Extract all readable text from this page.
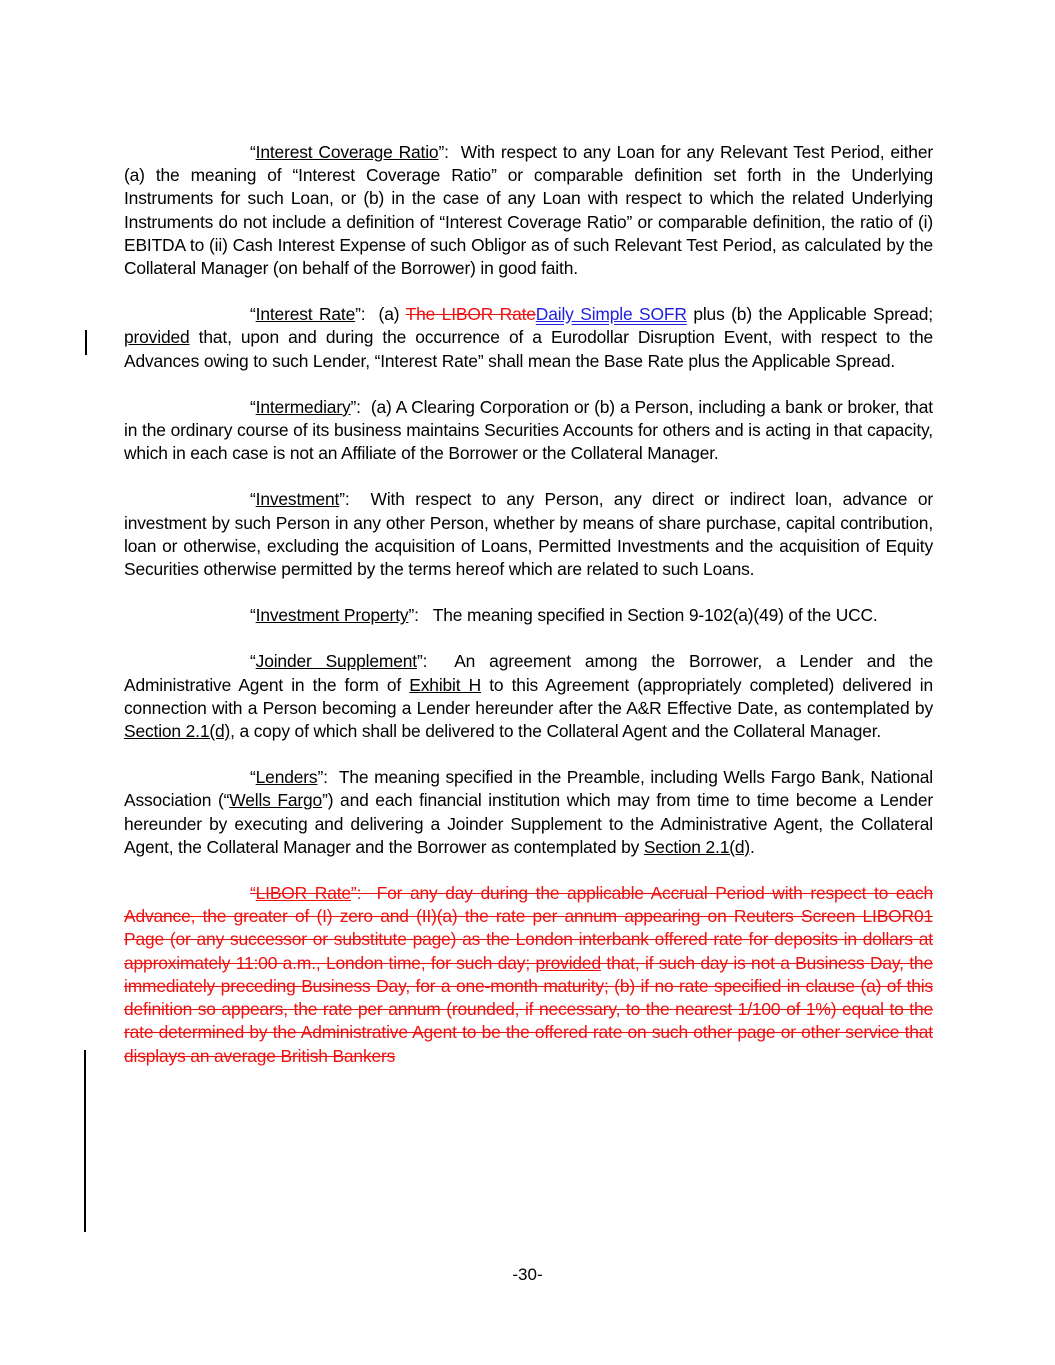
“Interest Coverage Ratio”:  With respect to any Loan for any Relevant Test Period, either (a) the meaning of “Interest Coverage Ratio” or comparable definition set forth in the Underlying Instruments for such Loan, or (b) in the case of any Loan with respect to which the related Underlying Instruments do not include a definition of “Interest Coverage Ratio” or comparable definition, the ratio of (i) EBITDA to (ii) Cash Interest Expense of such Obligor as of such Relevant Test Period, as calculated by the Collateral Manager (on behalf of the Borrower) in good faith.

“Interest Rate”:  (a) The LIBOR RateDaily Simple SOFR plus (b) the Applicable Spread; provided that, upon and during the occurrence of a Eurodollar Disruption Event, with respect to the Advances owing to such Lender, “Interest Rate” shall mean the Base Rate plus the Applicable Spread.

“Intermediary”:  (a) A Clearing Corporation or (b) a Person, including a bank or broker, that in the ordinary course of its business maintains Securities Accounts for others and is acting in that capacity, which in each case is not an Affiliate of the Borrower or the Collateral Manager.

“Investment”:  With respect to any Person, any direct or indirect loan, advance or investment by such Person in any other Person, whether by means of share purchase, capital contribution, loan or otherwise, excluding the acquisition of Loans, Permitted Investments and the acquisition of Equity Securities otherwise permitted by the terms hereof which are related to such Loans.

“Investment Property”:   The meaning specified in Section 9-102(a)(49) of the UCC.

“Joinder Supplement”:  An agreement among the Borrower, a Lender and the Administrative Agent in the form of Exhibit H to this Agreement (appropriately completed) delivered in connection with a Person becoming a Lender hereunder after the A&R Effective Date, as contemplated by Section 2.1(d), a copy of which shall be delivered to the Collateral Agent and the Collateral Manager.

“Lenders”:  The meaning specified in the Preamble, including Wells Fargo Bank, National Association (“Wells Fargo”) and each financial institution which may from time to time become a Lender hereunder by executing and delivering a Joinder Supplement to the Administrative Agent, the Collateral Agent, the Collateral Manager and the Borrower as contemplated by Section 2.1(d).

“LIBOR Rate”:  For any day during the applicable Accrual Period with respect to each Advance, the greater of (I) zero and (II)(a) the rate per annum appearing on Reuters Screen LIBOR01 Page (or any successor or substitute page) as the London interbank offered rate for deposits in dollars at approximately 11:00 a.m., London time, for such day; provided that, if such day is not a Business Day, the immediately preceding Business Day, for a one-month maturity; (b) if no rate specified in clause (a) of this definition so appears, the rate per annum (rounded, if necessary, to the nearest 1/100 of 1%) equal to the rate determined by the Administrative Agent to be the offered rate on such other page or other service that displays an average British Bankers

-30-
